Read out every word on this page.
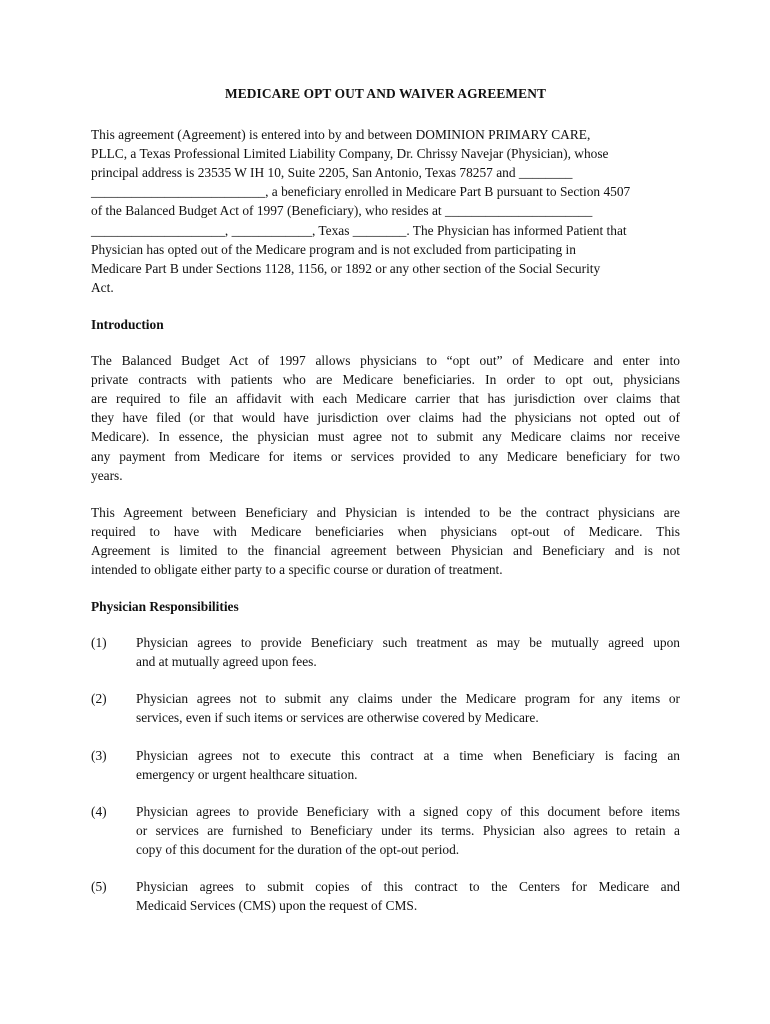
MEDICARE OPT OUT AND WAIVER AGREEMENT
This agreement (Agreement) is entered into by and between DOMINION PRIMARY CARE,
PLLC, a Texas Professional Limited Liability Company, Dr. Chrissy Navejar (Physician), whose
principal address is 23535 W IH 10, Suite 2205, San Antonio, Texas 78257 and ________
__________________________, a beneficiary enrolled in Medicare Part B pursuant to Section 4507
of the Balanced Budget Act of 1997 (Beneficiary), who resides at ______________________
____________________, ____________, Texas ________. The Physician has informed Patient that
Physician has opted out of the Medicare program and is not excluded from participating in
Medicare Part B under Sections 1128, 1156, or 1892 or any other section of the Social Security
Act.
Introduction
The Balanced Budget Act of 1997 allows physicians to “opt out” of Medicare and enter into
private contracts with patients who are Medicare beneficiaries. In order to opt out, physicians
are required to file an affidavit with each Medicare carrier that has jurisdiction over claims that
they have filed (or that would have jurisdiction over claims had the physicians not opted out of
Medicare). In essence, the physician must agree not to submit any Medicare claims nor receive
any payment from Medicare for items or services provided to any Medicare beneficiary for two
years.
This Agreement between Beneficiary and Physician is intended to be the contract physicians are
required to have with Medicare beneficiaries when physicians opt-out of Medicare. This
Agreement is limited to the financial agreement between Physician and Beneficiary and is not
intended to obligate either party to a specific course or duration of treatment.
Physician Responsibilities
(1)	Physician agrees to provide Beneficiary such treatment as may be mutually agreed upon
and at mutually agreed upon fees.
(2)	Physician agrees not to submit any claims under the Medicare program for any items or
services, even if such items or services are otherwise covered by Medicare.
(3)	Physician agrees not to execute this contract at a time when Beneficiary is facing an
emergency or urgent healthcare situation.
(4)	Physician agrees to provide Beneficiary with a signed copy of this document before items
or services are furnished to Beneficiary under its terms. Physician also agrees to retain a
copy of this document for the duration of the opt-out period.
(5)	Physician agrees to submit copies of this contract to the Centers for Medicare and
Medicaid Services (CMS) upon the request of CMS.
